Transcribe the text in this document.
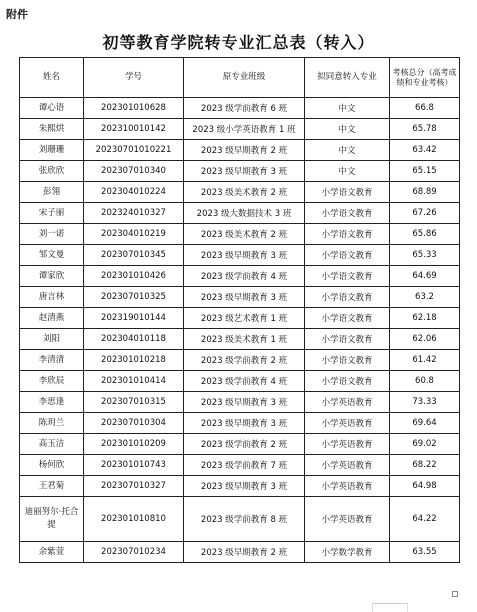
附件
初等教育学院转专业汇总表（转入）
姓名	学号	原专业班级	拟同意转入专业	考核总分（高考成绩和专业考核）
谭心语	202301010628	2023 级学前教育 6 班	中文	66.8
朱熙烘	202310010142	2023 级小学英语教育 1 班	中文	65.78
刘珊珊	20230701010221	2023 级早期教育 2 班	中文	63.42
张欣欣	202307010340	2023 级早期教育 3 班	中文	65.15
彭翎	202304010224	2023 级美术教育 2 班	小学语文教育	68.89
宋子丽	202324010327	2023 级大数据技术 3 班	小学语文教育	67.26
刘一诺	202304010219	2023 级美术教育 2 班	小学语文教育	65.86
邹文曼	202307010345	2023 级早期教育 3 班	小学语文教育	65.33
谭家欣	202301010426	2023 级学前教育 4 班	小学语文教育	64.69
唐言林	202307010325	2023 级早期教育 3 班	小学语文教育	63.2
赵清燕	202319010144	2023 级艺术教育 1 班	小学语文教育	62.18
刘阳	202304010118	2023 级美术教育 1 班	小学语文教育	62.06
李清清	202301010218	2023 级学前教育 2 班	小学语文教育	61.42
李欣辰	202301010414	2023 级学前教育 4 班	小学语文教育	60.8
李思逢	202307010315	2023 级早期教育 3 班	小学英语教育	73.33
陈玥兰	202307010304	2023 级早期教育 3 班	小学英语教育	69.64
高玉洁	202301010209	2023 级学前教育 2 班	小学英语教育	69.02
杨何欣	202301010743	2023 级学前教育 7 班	小学英语教育	68.22
王君菊	202307010327	2023 级早期教育 3 班	小学英语教育	64.98
迪丽努尔·托合提	202301010810	2023 级学前教育 8 班	小学英语教育	64.22
余紫萱	202307010234	2023 级早期教育 2 班	小学数学教育	63.55
